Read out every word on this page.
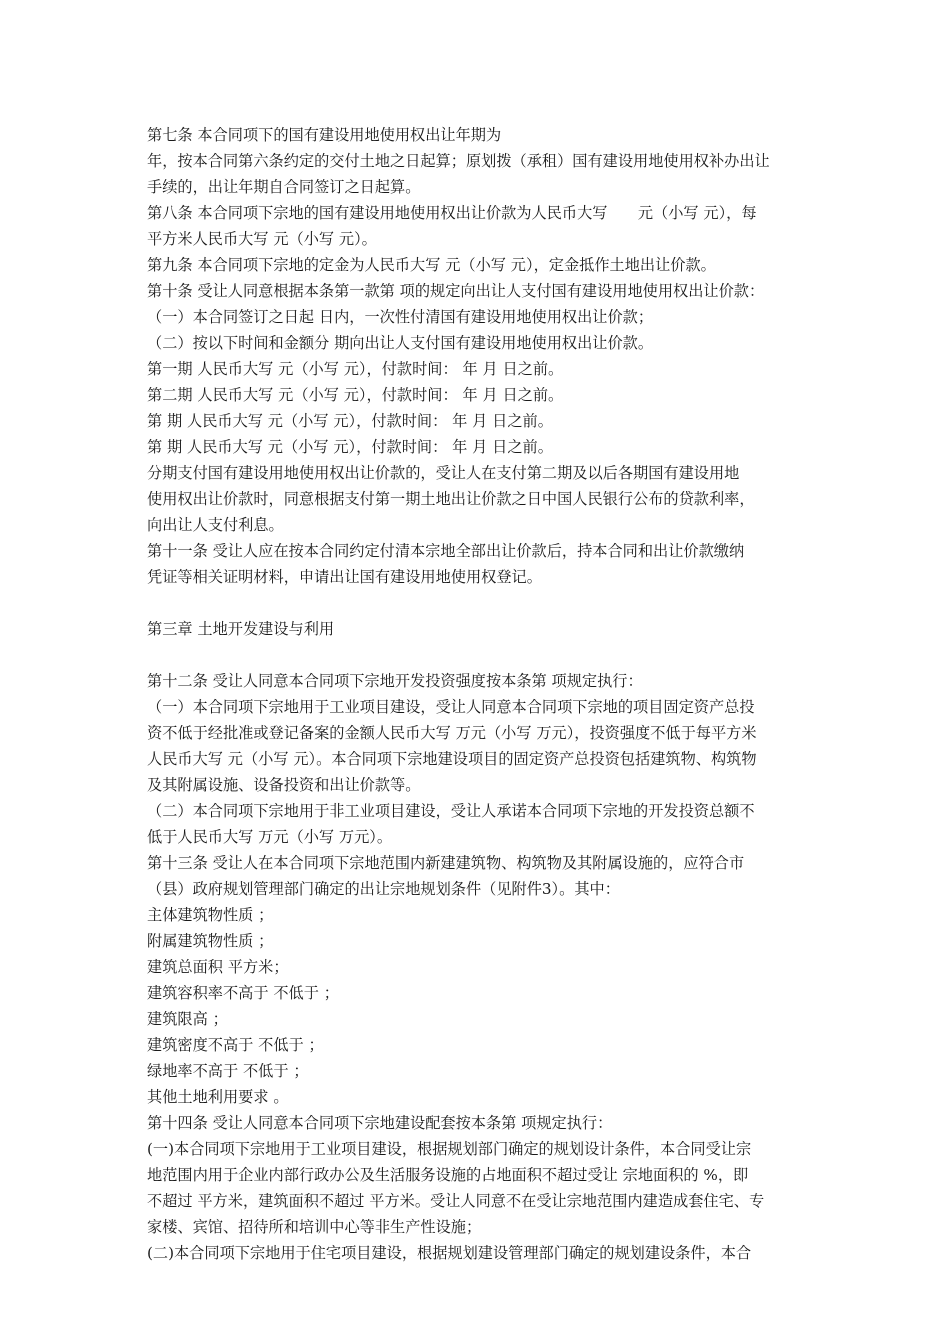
第七条 本合同项下的国有建设用地使用权出让年期为
年，按本合同第六条约定的交付土地之日起算；原划拨（承租）国有建设用地使用权补办出让
手续的，出让年期自合同签订之日起算。
第八条 本合同项下宗地的国有建设用地使用权出让价款为人民币大写　　元（小写 元），每
平方米人民币大写 元（小写 元）。
第九条 本合同项下宗地的定金为人民币大写 元（小写 元），定金抵作土地出让价款。
第十条 受让人同意根据本条第一款第 项的规定向出让人支付国有建设用地使用权出让价款：
（一）本合同签订之日起 日内，一次性付清国有建设用地使用权出让价款；
（二）按以下时间和金额分 期向出让人支付国有建设用地使用权出让价款。
第一期 人民币大写 元（小写 元），付款时间： 年 月 日之前。
第二期 人民币大写 元（小写 元），付款时间： 年 月 日之前。
第 期 人民币大写 元（小写 元），付款时间： 年 月 日之前。
第 期 人民币大写 元（小写 元），付款时间： 年 月 日之前。
分期支付国有建设用地使用权出让价款的，受让人在支付第二期及以后各期国有建设用地
使用权出让价款时，同意根据支付第一期土地出让价款之日中国人民银行公布的贷款利率，
向出让人支付利息。
第十一条 受让人应在按本合同约定付清本宗地全部出让价款后，持本合同和出让价款缴纳
凭证等相关证明材料，申请出让国有建设用地使用权登记。
第三章 土地开发建设与利用
第十二条 受让人同意本合同项下宗地开发投资强度按本条第 项规定执行：
（一）本合同项下宗地用于工业项目建设，受让人同意本合同项下宗地的项目固定资产总投
资不低于经批准或登记备案的金额人民币大写 万元（小写 万元），投资强度不低于每平方米
人民币大写 元（小写 元）。本合同项下宗地建设项目的固定资产总投资包括建筑物、构筑物
及其附属设施、设备投资和出让价款等。
（二）本合同项下宗地用于非工业项目建设，受让人承诺本合同项下宗地的开发投资总额不
低于人民币大写 万元（小写 万元）。
第十三条 受让人在本合同项下宗地范围内新建建筑物、构筑物及其附属设施的，应符合市
（县）政府规划管理部门确定的出让宗地规划条件（见附件3）。其中：
主体建筑物性质 ；
附属建筑物性质 ；
建筑总面积 平方米；
建筑容积率不高于 不低于 ；
建筑限高 ；
建筑密度不高于 不低于 ；
绿地率不高于 不低于 ；
其他土地利用要求 。
第十四条 受让人同意本合同项下宗地建设配套按本条第 项规定执行：
(一)本合同项下宗地用于工业项目建设，根据规划部门确定的规划设计条件，本合同受让宗
地范围内用于企业内部行政办公及生活服务设施的占地面积不超过受让 宗地面积的 %，即
不超过 平方米，建筑面积不超过 平方米。受让人同意不在受让宗地范围内建造成套住宅、专
家楼、宾馆、招待所和培训中心等非生产性设施；
(二)本合同项下宗地用于住宅项目建设，根据规划建设管理部门确定的规划建设条件，本合
